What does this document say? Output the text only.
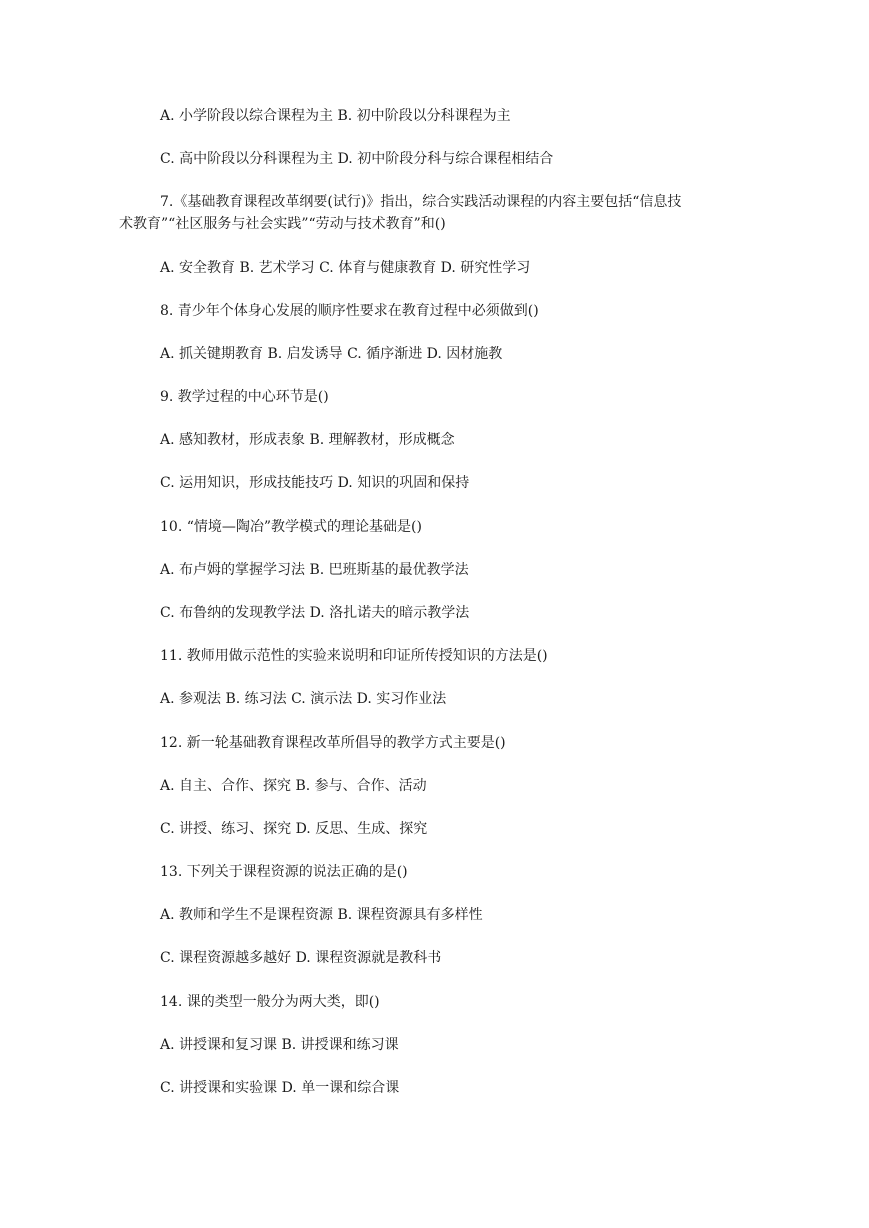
A. 小学阶段以综合课程为主 B. 初中阶段以分科课程为主

C. 高中阶段以分科课程为主 D. 初中阶段分科与综合课程相结合

7.《基础教育课程改革纲要(试行)》指出，综合实践活动课程的内容主要包括“信息技

术教育”“社区服务与社会实践”“劳动与技术教育”和()

A. 安全教育 B. 艺术学习 C. 体育与健康教育 D. 研究性学习

8. 青少年个体身心发展的顺序性要求在教育过程中必须做到()

A. 抓关键期教育 B. 启发诱导 C. 循序渐进 D. 因材施教

9. 教学过程的中心环节是()

A. 感知教材，形成表象 B. 理解教材，形成概念

C. 运用知识，形成技能技巧 D. 知识的巩固和保持

10. “情境—陶冶”教学模式的理论基础是()

A. 布卢姆的掌握学习法 B. 巴班斯基的最优教学法

C. 布鲁纳的发现教学法 D. 洛扎诺夫的暗示教学法

11. 教师用做示范性的实验来说明和印证所传授知识的方法是()

A. 参观法 B. 练习法 C. 演示法 D. 实习作业法

12. 新一轮基础教育课程改革所倡导的教学方式主要是()

A. 自主、合作、探究 B. 参与、合作、活动

C. 讲授、练习、探究 D. 反思、生成、探究

13. 下列关于课程资源的说法正确的是()

A. 教师和学生不是课程资源 B. 课程资源具有多样性

C. 课程资源越多越好 D. 课程资源就是教科书

14. 课的类型一般分为两大类，即()

A. 讲授课和复习课 B. 讲授课和练习课

C. 讲授课和实验课 D. 单一课和综合课
